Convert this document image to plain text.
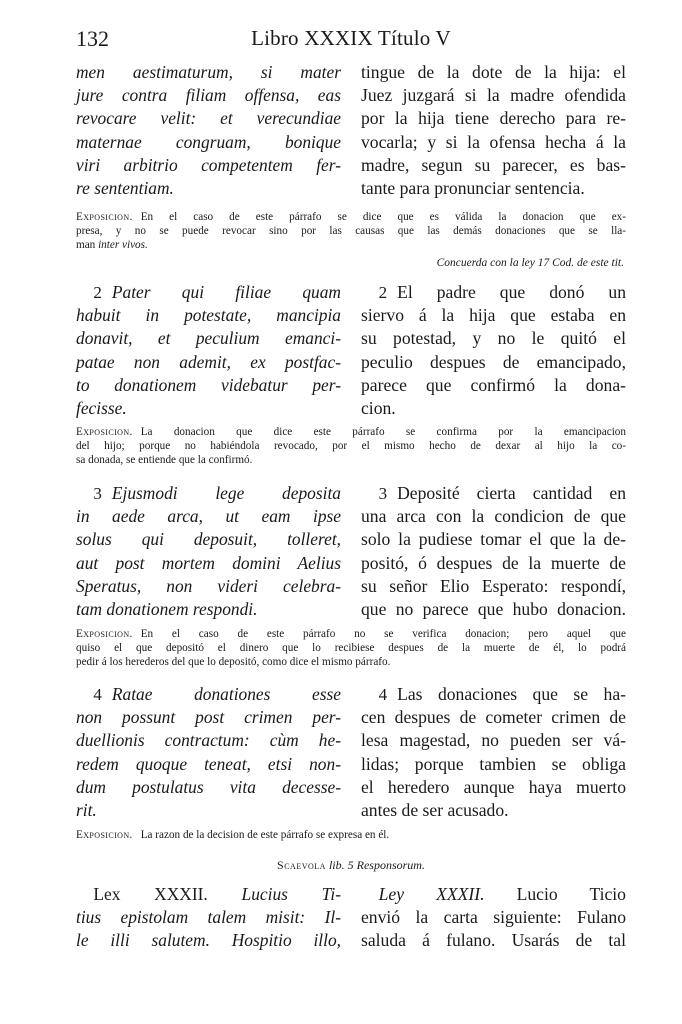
132	Libro XXXIX Título V
men aestimaturum, si mater
jure contra filiam offensa, eas
revocare velit: et verecundiae
maternae congruam, bonique
viri arbitrio competentem fer-
re sententiam.
tingue de la dote de la hija: el
Juez juzgará si la madre ofendida
por la hija tiene derecho para re-
vocarla; y si la ofensa hecha á la
madre, segun su parecer, es bas-
tante para pronunciar sentencia.
Exposicion. En el caso de este párrafo se dice que es válida la donacion que ex-
presa, y no se puede revocar sino por las causas que las demás donaciones que se lla-
man inter vivos.
Concuerda con la ley 17 Cod. de este tit.
 2 Pater qui filiae quam
habuit in potestate, mancipia
donavit, et peculium emanci-
patae non ademit, ex postfac-
to donationem videbatur per-
fecisse.
 2 El padre que donó un
siervo á la hija que estaba en
su potestad, y no le quitó el
peculio despues de emancipado,
parece que confirmó la dona-
cion.
Exposicion. La donacion que dice este párrafo se confirma por la emancipacion
del hijo; porque no habiéndola revocado, por el mismo hecho de dexar al hijo la co-
sa donada, se entiende que la confirmó.
 3 Ejusmodi lege deposita
in aede arca, ut eam ipse
solus qui deposuit, tolleret,
aut post mortem domini Aelius
Speratus, non videri celebra-
tam donationem respondi.
 3 Deposité cierta cantidad en
una arca con la condicion de que
solo la pudiese tomar el que la de-
positó, ó despues de la muerte de
su señor Elio Esperato: respondí,
que no parece que hubo donacion.
Exposicion. En el caso de este párrafo no se verifica donacion; pero aquel que
quiso el que depositó el dinero que lo recibiese despues de la muerte de él, lo podrá
pedir á los herederos del que lo depositó, como dice el mismo párrafo.
 4 Ratae donationes esse
non possunt post crimen per-
duellionis contractum: cùm he-
redem quoque teneat, etsi non-
dum postulatus vita decesse-
rit.
 4 Las donaciones que se ha-
cen despues de cometer crimen de
lesa magestad, no pueden ser vá-
lidas; porque tambien se obliga
el heredero aunque haya muerto
antes de ser acusado.
Exposicion. La razon de la decision de este párrafo se expresa en él.
Scaevola lib. 5 Responsorum.
 Lex XXXII. Lucius Ti-
tius epistolam talem misit: Il-
le illi salutem. Hospitio illo,
 Ley XXXII. Lucio Ticio
envió la carta siguiente: Fulano
saluda á fulano. Usarás de tal
